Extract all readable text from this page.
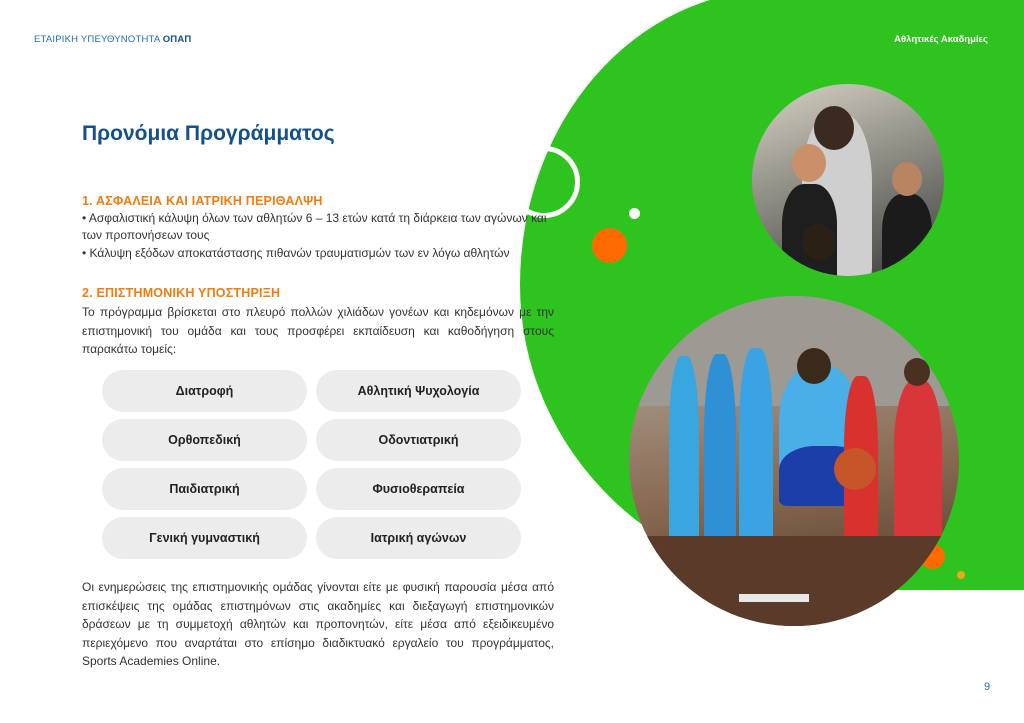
ΕΤΑΙΡΙΚΗ ΥΠΕΥΘΥΝΟΤΗΤΑ ΟΠΑΠ	Αθλητικές Ακαδημίες
Προνόμια Προγράμματος
1. ΑΣΦΑΛΕΙΑ ΚΑΙ ΙΑΤΡΙΚΗ ΠΕΡΙΘΑΛΨΗ
• Ασφαλιστική κάλυψη όλων των αθλητών 6 – 13 ετών κατά τη διάρκεια των αγώνων και των προπονήσεων τους
• Κάλυψη εξόδων αποκατάστασης πιθανών τραυματισμών των εν λόγω αθλητών
2. ΕΠΙΣΤΗΜΟΝΙΚΗ ΥΠΟΣΤΗΡΙΞΗ
Το πρόγραμμα βρίσκεται στο πλευρό πολλών χιλιάδων γονέων και κηδεμόνων με την επιστημονική του ομάδα και τους προσφέρει εκπαίδευση και καθοδήγηση στους παρακάτω τομείς:
Διατροφή	Αθλητική Ψυχολογία
Ορθοπεδική	Οδοντιατρική
Παιδιατρική	Φυσιοθεραπεία
Γενική γυμναστική	Ιατρική αγώνων
Οι ενημερώσεις της επιστημονικής ομάδας γίνονται είτε με φυσική παρουσία μέσα από επισκέψεις της ομάδας επιστημόνων στις ακαδημίες και διεξαγωγή επιστημονικών δράσεων με τη συμμετοχή αθλητών και προπονητών, είτε μέσα από εξειδικευμένο περιεχόμενο που αναρτάται στο επίσημο διαδικτυακό εργαλείο του προγράμματος, Sports Academies Online.
9
